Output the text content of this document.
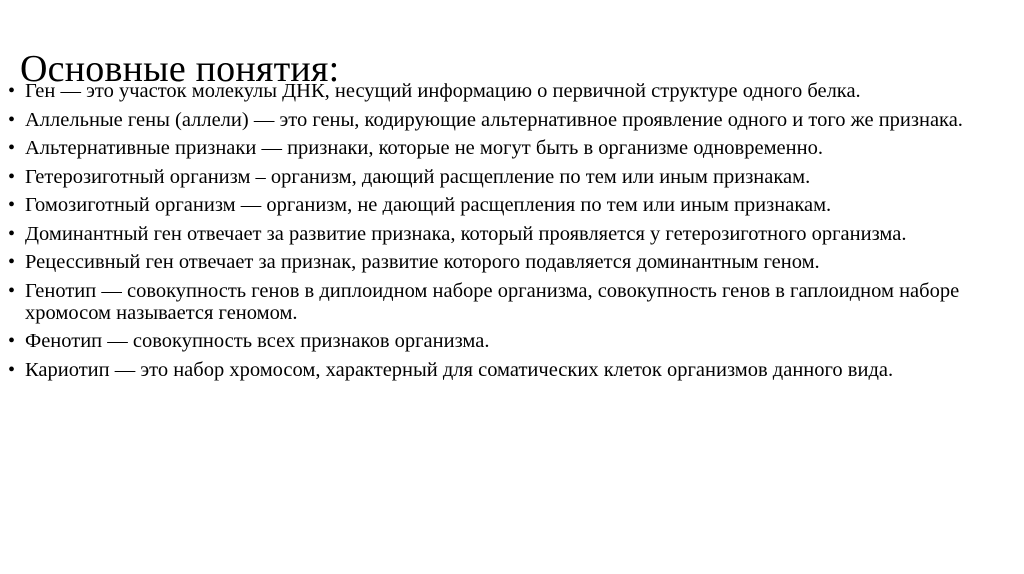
Основные понятия:
• Ген — это участок молекулы ДНК, несущий информацию о первичной структуре одного белка.
• Аллельные гены (аллели) — это гены, кодирующие альтернативное проявление одного и того же признака.
• Альтернативные признаки — признаки, которые не могут быть в организме одновременно.
• Гетерозиготный организм – организм, дающий расщепление по тем или иным признакам.
• Гомозиготный организм — организм, не дающий расщепления по тем или иным признакам.
• Доминантный ген отвечает за развитие признака, который проявляется у гетерозиготного организма.
• Рецессивный ген отвечает за признак, развитие которого подавляется доминантным геном.
• Генотип — совокупность генов в диплоидном наборе организма, совокупность генов в гаплоидном наборе хромосом называется геномом.
• Фенотип — совокупность всех признаков организма.
• Кариотип — это набор хромосом, характерный для соматических клеток организмов данного вида.
